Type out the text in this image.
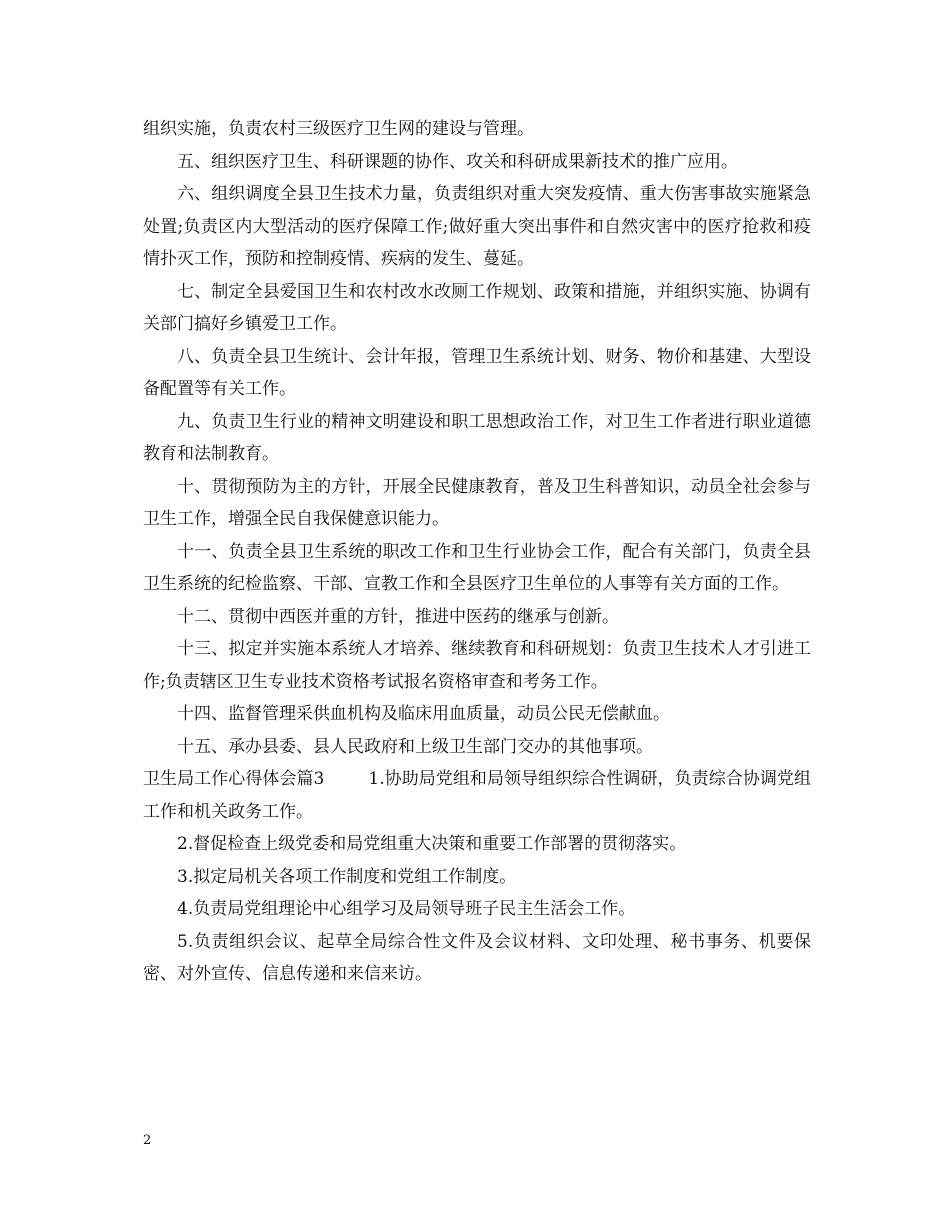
组织实施，负责农村三级医疗卫生网的建设与管理。

五、组织医疗卫生、科研课题的协作、攻关和科研成果新技术的推广应用。

六、组织调度全县卫生技术力量，负责组织对重大突发疫情、重大伤害事故实施紧急处置;负责区内大型活动的医疗保障工作;做好重大突出事件和自然灾害中的医疗抢救和疫情扑灭工作，预防和控制疫情、疾病的发生、蔓延。

七、制定全县爱国卫生和农村改水改厕工作规划、政策和措施，并组织实施、协调有关部门搞好乡镇爱卫工作。

八、负责全县卫生统计、会计年报，管理卫生系统计划、财务、物价和基建、大型设备配置等有关工作。

九、负责卫生行业的精神文明建设和职工思想政治工作，对卫生工作者进行职业道德教育和法制教育。

十、贯彻预防为主的方针，开展全民健康教育，普及卫生科普知识，动员全社会参与卫生工作，增强全民自我保健意识能力。

十一、负责全县卫生系统的职改工作和卫生行业协会工作，配合有关部门，负责全县卫生系统的纪检监察、干部、宣教工作和全县医疗卫生单位的人事等有关方面的工作。

十二、贯彻中西医并重的方针，推进中医药的继承与创新。

十三、拟定并实施本系统人才培养、继续教育和科研规划：负责卫生技术人才引进工作;负责辖区卫生专业技术资格考试报名资格审查和考务工作。

十四、监督管理采供血机构及临床用血质量，动员公民无偿献血。

十五、承办县委、县人民政府和上级卫生部门交办的其他事项。

卫生局工作心得体会篇3	1.协助局党组和局领导组织综合性调研，负责综合协调党组工作和机关政务工作。

2.督促检查上级党委和局党组重大决策和重要工作部署的贯彻落实。

3.拟定局机关各项工作制度和党组工作制度。

4.负责局党组理论中心组学习及局领导班子民主生活会工作。

5.负责组织会议、起草全局综合性文件及会议材料、文印处理、秘书事务、机要保密、对外宣传、信息传递和来信来访。

2
